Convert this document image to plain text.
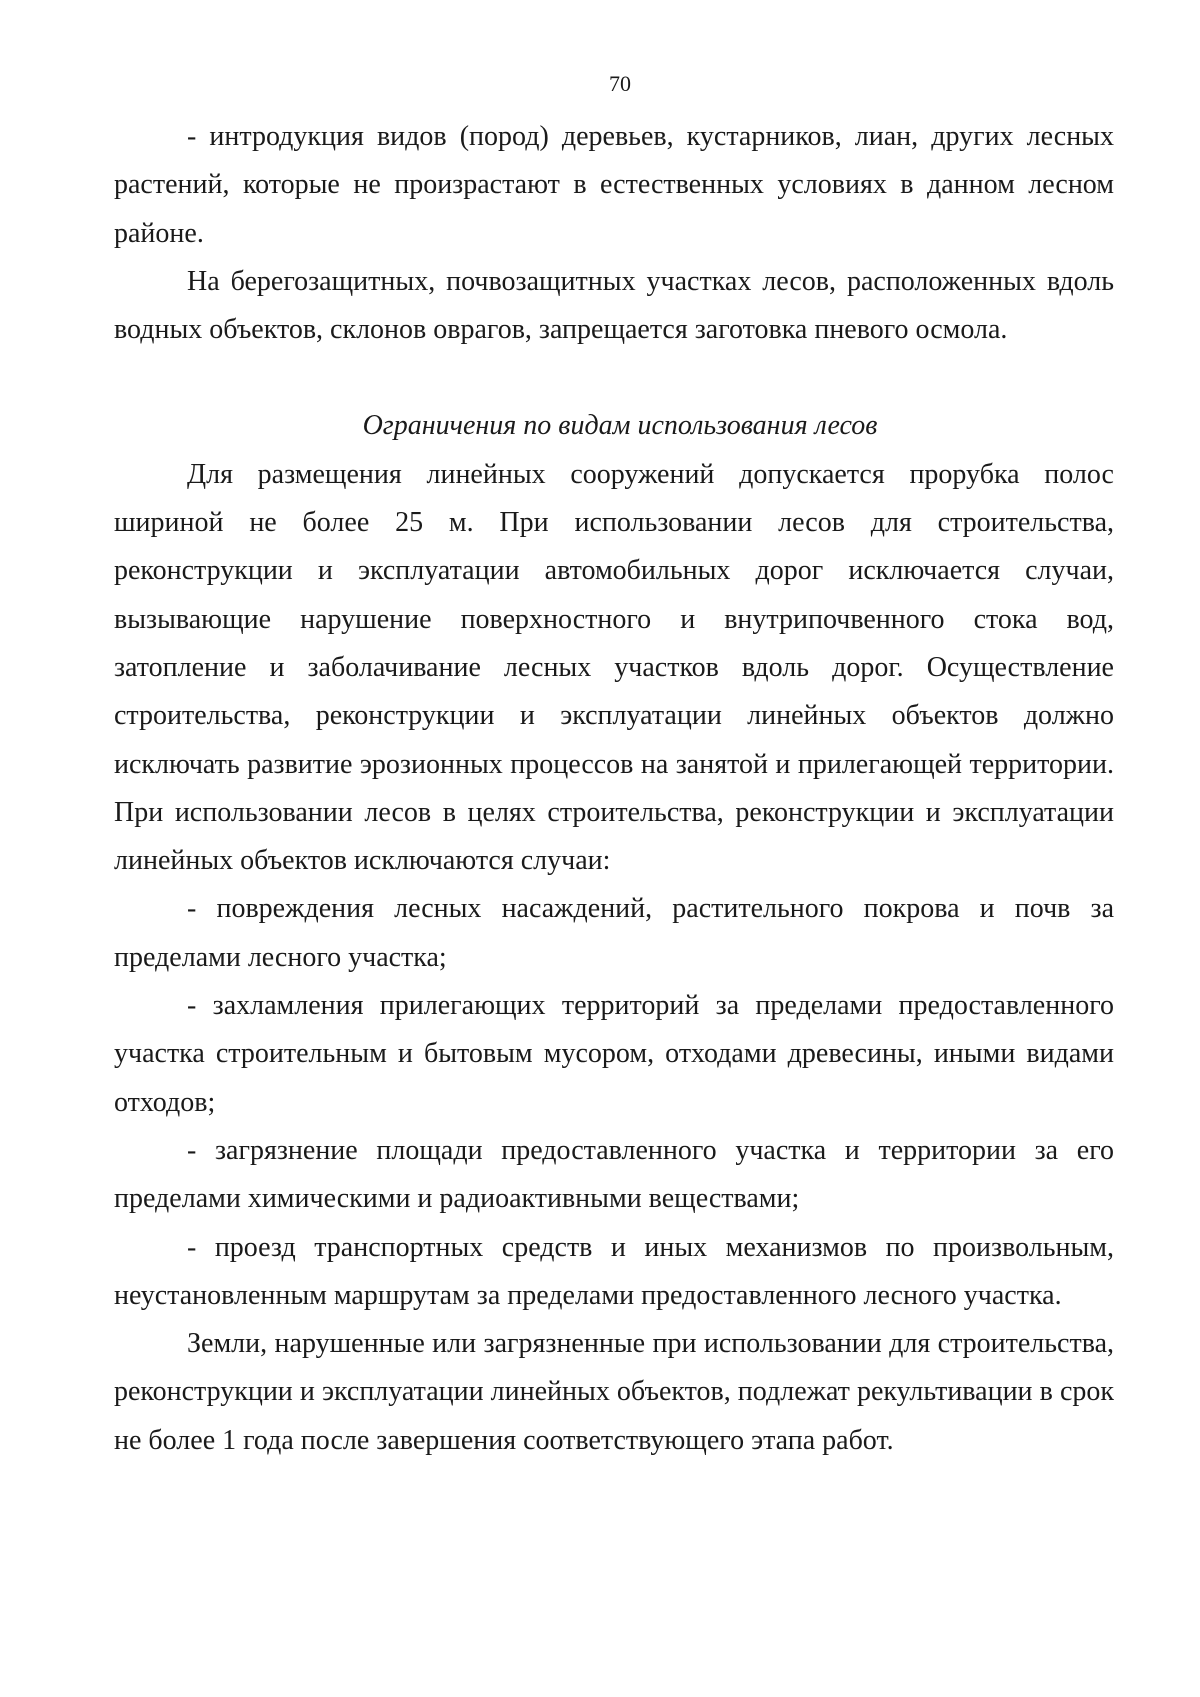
70

- интродукция видов (пород) деревьев, кустарников, лиан, других лесных растений, которые не произрастают в естественных условиях в данном лесном районе.

На берегозащитных, почвозащитных участках лесов, расположенных вдоль водных объектов, склонов оврагов, запрещается заготовка пневого осмола.

Ограничения по видам использования лесов

Для размещения линейных сооружений допускается прорубка полос шириной не более 25 м. При использовании лесов для строительства, реконструкции и эксплуатации автомобильных дорог исключается случаи, вызывающие нарушение поверхностного и внутрипочвенного стока вод, затопление и заболачивание лесных участков вдоль дорог. Осуществление строительства, реконструкции и эксплуатации линейных объектов должно исключать развитие эрозионных процессов на занятой и прилегающей территории. При использовании лесов в целях строительства, реконструкции и эксплуатации линейных объектов исключаются случаи:

- повреждения лесных насаждений, растительного покрова и почв за пределами лесного участка;

- захламления прилегающих территорий за пределами предоставленного участка строительным и бытовым мусором, отходами древесины, иными видами отходов;

- загрязнение площади предоставленного участка и территории за его пределами химическими и радиоактивными веществами;

- проезд транспортных средств и иных механизмов по произвольным, неустановленным маршрутам за пределами предоставленного лесного участка.

Земли, нарушенные или загрязненные при использовании для строительства, реконструкции и эксплуатации линейных объектов, подлежат рекультивации в срок не более 1 года после завершения соответствующего этапа работ.
